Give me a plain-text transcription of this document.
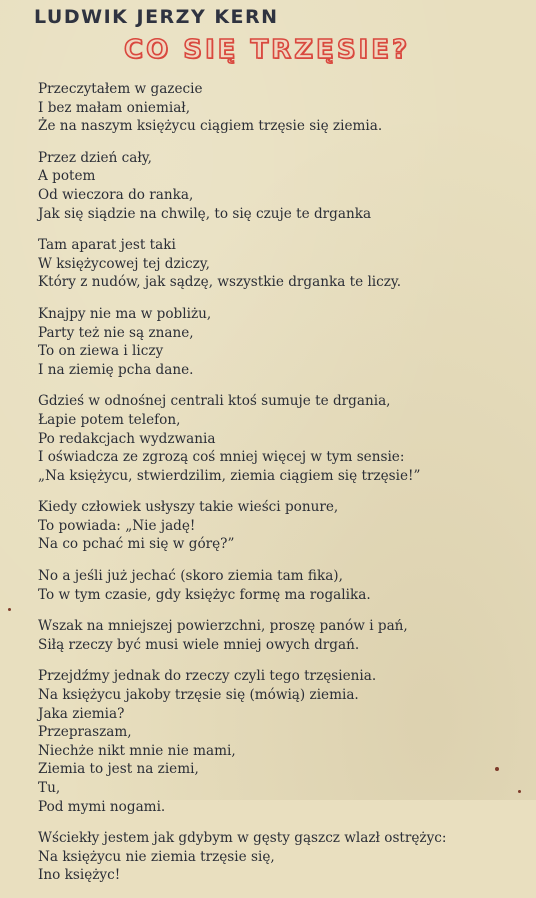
LUDWIK JERZY KERN
CO SIĘ TRZĘSIE?
Przeczytałem w gazecie
I bez małam oniemiał,
Że na naszym księżycu ciągiem trzęsie się ziemia.
Przez dzień cały,
A potem
Od wieczora do ranka,
Jak się siądzie na chwilę, to się czuje te drganka
Tam aparat jest taki
W księżycowej tej dziczy,
Który z nudów, jak sądzę, wszystkie drganka te liczy.
Knajpy nie ma w pobliżu,
Party też nie są znane,
To on ziewa i liczy
I na ziemię pcha dane.
Gdzieś w odnośnej centrali ktoś sumuje te drgania,
Łapie potem telefon,
Po redakcjach wydzwania
I oświadcza ze zgrozą coś mniej więcej w tym sensie:
„Na księżycu, stwierdzilim, ziemia ciągiem się trzęsie!”
Kiedy człowiek usłyszy takie wieści ponure,
To powiada: „Nie jadę!
Na co pchać mi się w górę?”
No a jeśli już jechać (skoro ziemia tam fika),
To w tym czasie, gdy księżyc formę ma rogalika.
Wszak na mniejszej powierzchni, proszę panów i pań,
Siłą rzeczy być musi wiele mniej owych drgań.
Przejdźmy jednak do rzeczy czyli tego trzęsienia.
Na księżycu jakoby trzęsie się (mówią) ziemia.
Jaka ziemia?
Przepraszam,
Niechże nikt mnie nie mami,
Ziemia to jest na ziemi,
Tu,
Pod mymi nogami.
Wściekły jestem jak gdybym w gęsty gąszcz wlazł ostrężyc:
Na księżycu nie ziemia trzęsie się,
Ino księżyc!
